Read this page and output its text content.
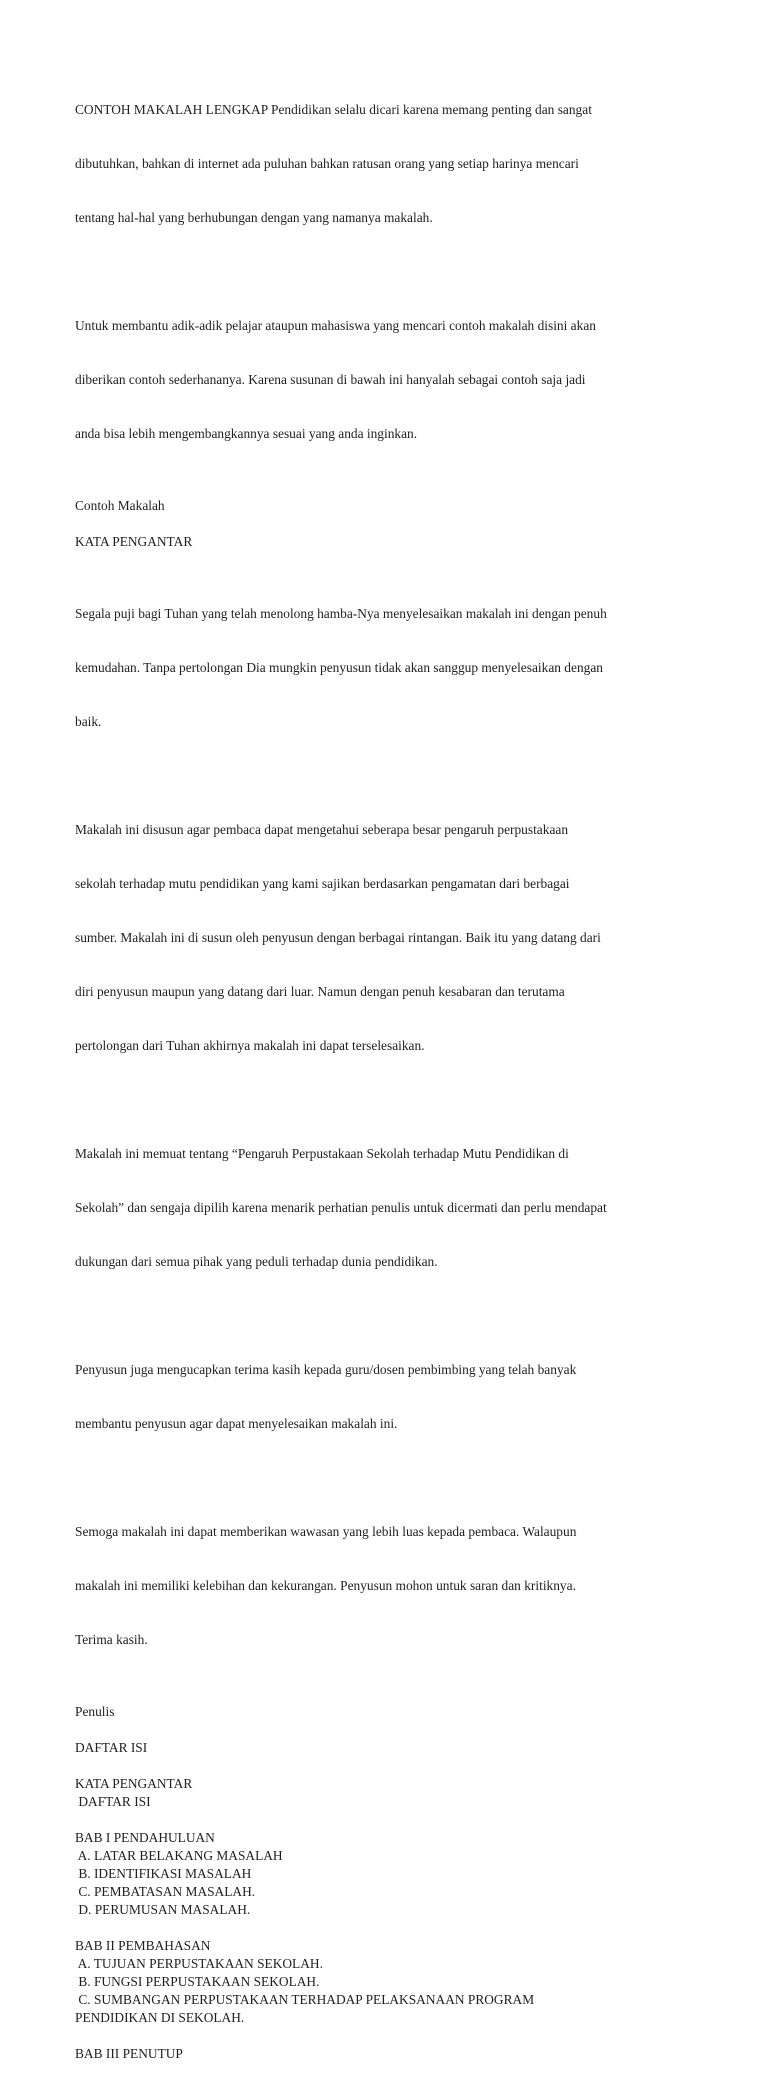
CONTOH MAKALAH LENGKAP Pendidikan selalu dicari karena memang penting dan sangat

dibutuhkan, bahkan di internet ada puluhan bahkan ratusan orang yang setiap harinya mencari

tentang hal-hal yang berhubungan dengan yang namanya makalah.

Untuk membantu adik-adik pelajar ataupun mahasiswa yang mencari contoh makalah disini akan

diberikan contoh sederhananya. Karena susunan di bawah ini hanyalah sebagai contoh saja jadi

anda bisa lebih mengembangkannya sesuai yang anda inginkan.

Contoh Makalah
KATA PENGANTAR

Segala puji bagi Tuhan yang telah menolong hamba-Nya menyelesaikan makalah ini dengan penuh

kemudahan. Tanpa pertolongan Dia mungkin penyusun tidak akan sanggup menyelesaikan dengan

baik.

Makalah ini disusun agar pembaca dapat mengetahui seberapa besar pengaruh perpustakaan

sekolah terhadap mutu pendidikan yang kami sajikan berdasarkan pengamatan dari berbagai

sumber. Makalah ini di susun oleh penyusun dengan berbagai rintangan. Baik itu yang datang dari

diri penyusun maupun yang datang dari luar. Namun dengan penuh kesabaran dan terutama

pertolongan dari Tuhan akhirnya makalah ini dapat terselesaikan.

Makalah ini memuat tentang “Pengaruh Perpustakaan Sekolah terhadap Mutu Pendidikan di

Sekolah” dan sengaja dipilih karena menarik perhatian penulis untuk dicermati dan perlu mendapat

dukungan dari semua pihak yang peduli terhadap dunia pendidikan.

Penyusun juga mengucapkan terima kasih kepada guru/dosen pembimbing yang telah banyak

membantu penyusun agar dapat menyelesaikan makalah ini.

Semoga makalah ini dapat memberikan wawasan yang lebih luas kepada pembaca. Walaupun

makalah ini memiliki kelebihan dan kekurangan. Penyusun mohon untuk saran dan kritiknya.

Terima kasih.

Penulis
DAFTAR ISI
KATA PENGANTAR
DAFTAR ISI
BAB I PENDAHULUAN
A. LATAR BELAKANG MASALAH
B. IDENTIFIKASI MASALAH
C. PEMBATASAN MASALAH.
D. PERUMUSAN MASALAH.
BAB II PEMBAHASAN
A. TUJUAN PERPUSTAKAAN SEKOLAH.
B. FUNGSI PERPUSTAKAAN SEKOLAH.
C. SUMBANGAN PERPUSTAKAAN TERHADAP PELAKSANAAN PROGRAM
PENDIDIKAN DI SEKOLAH.
BAB III PENUTUP
